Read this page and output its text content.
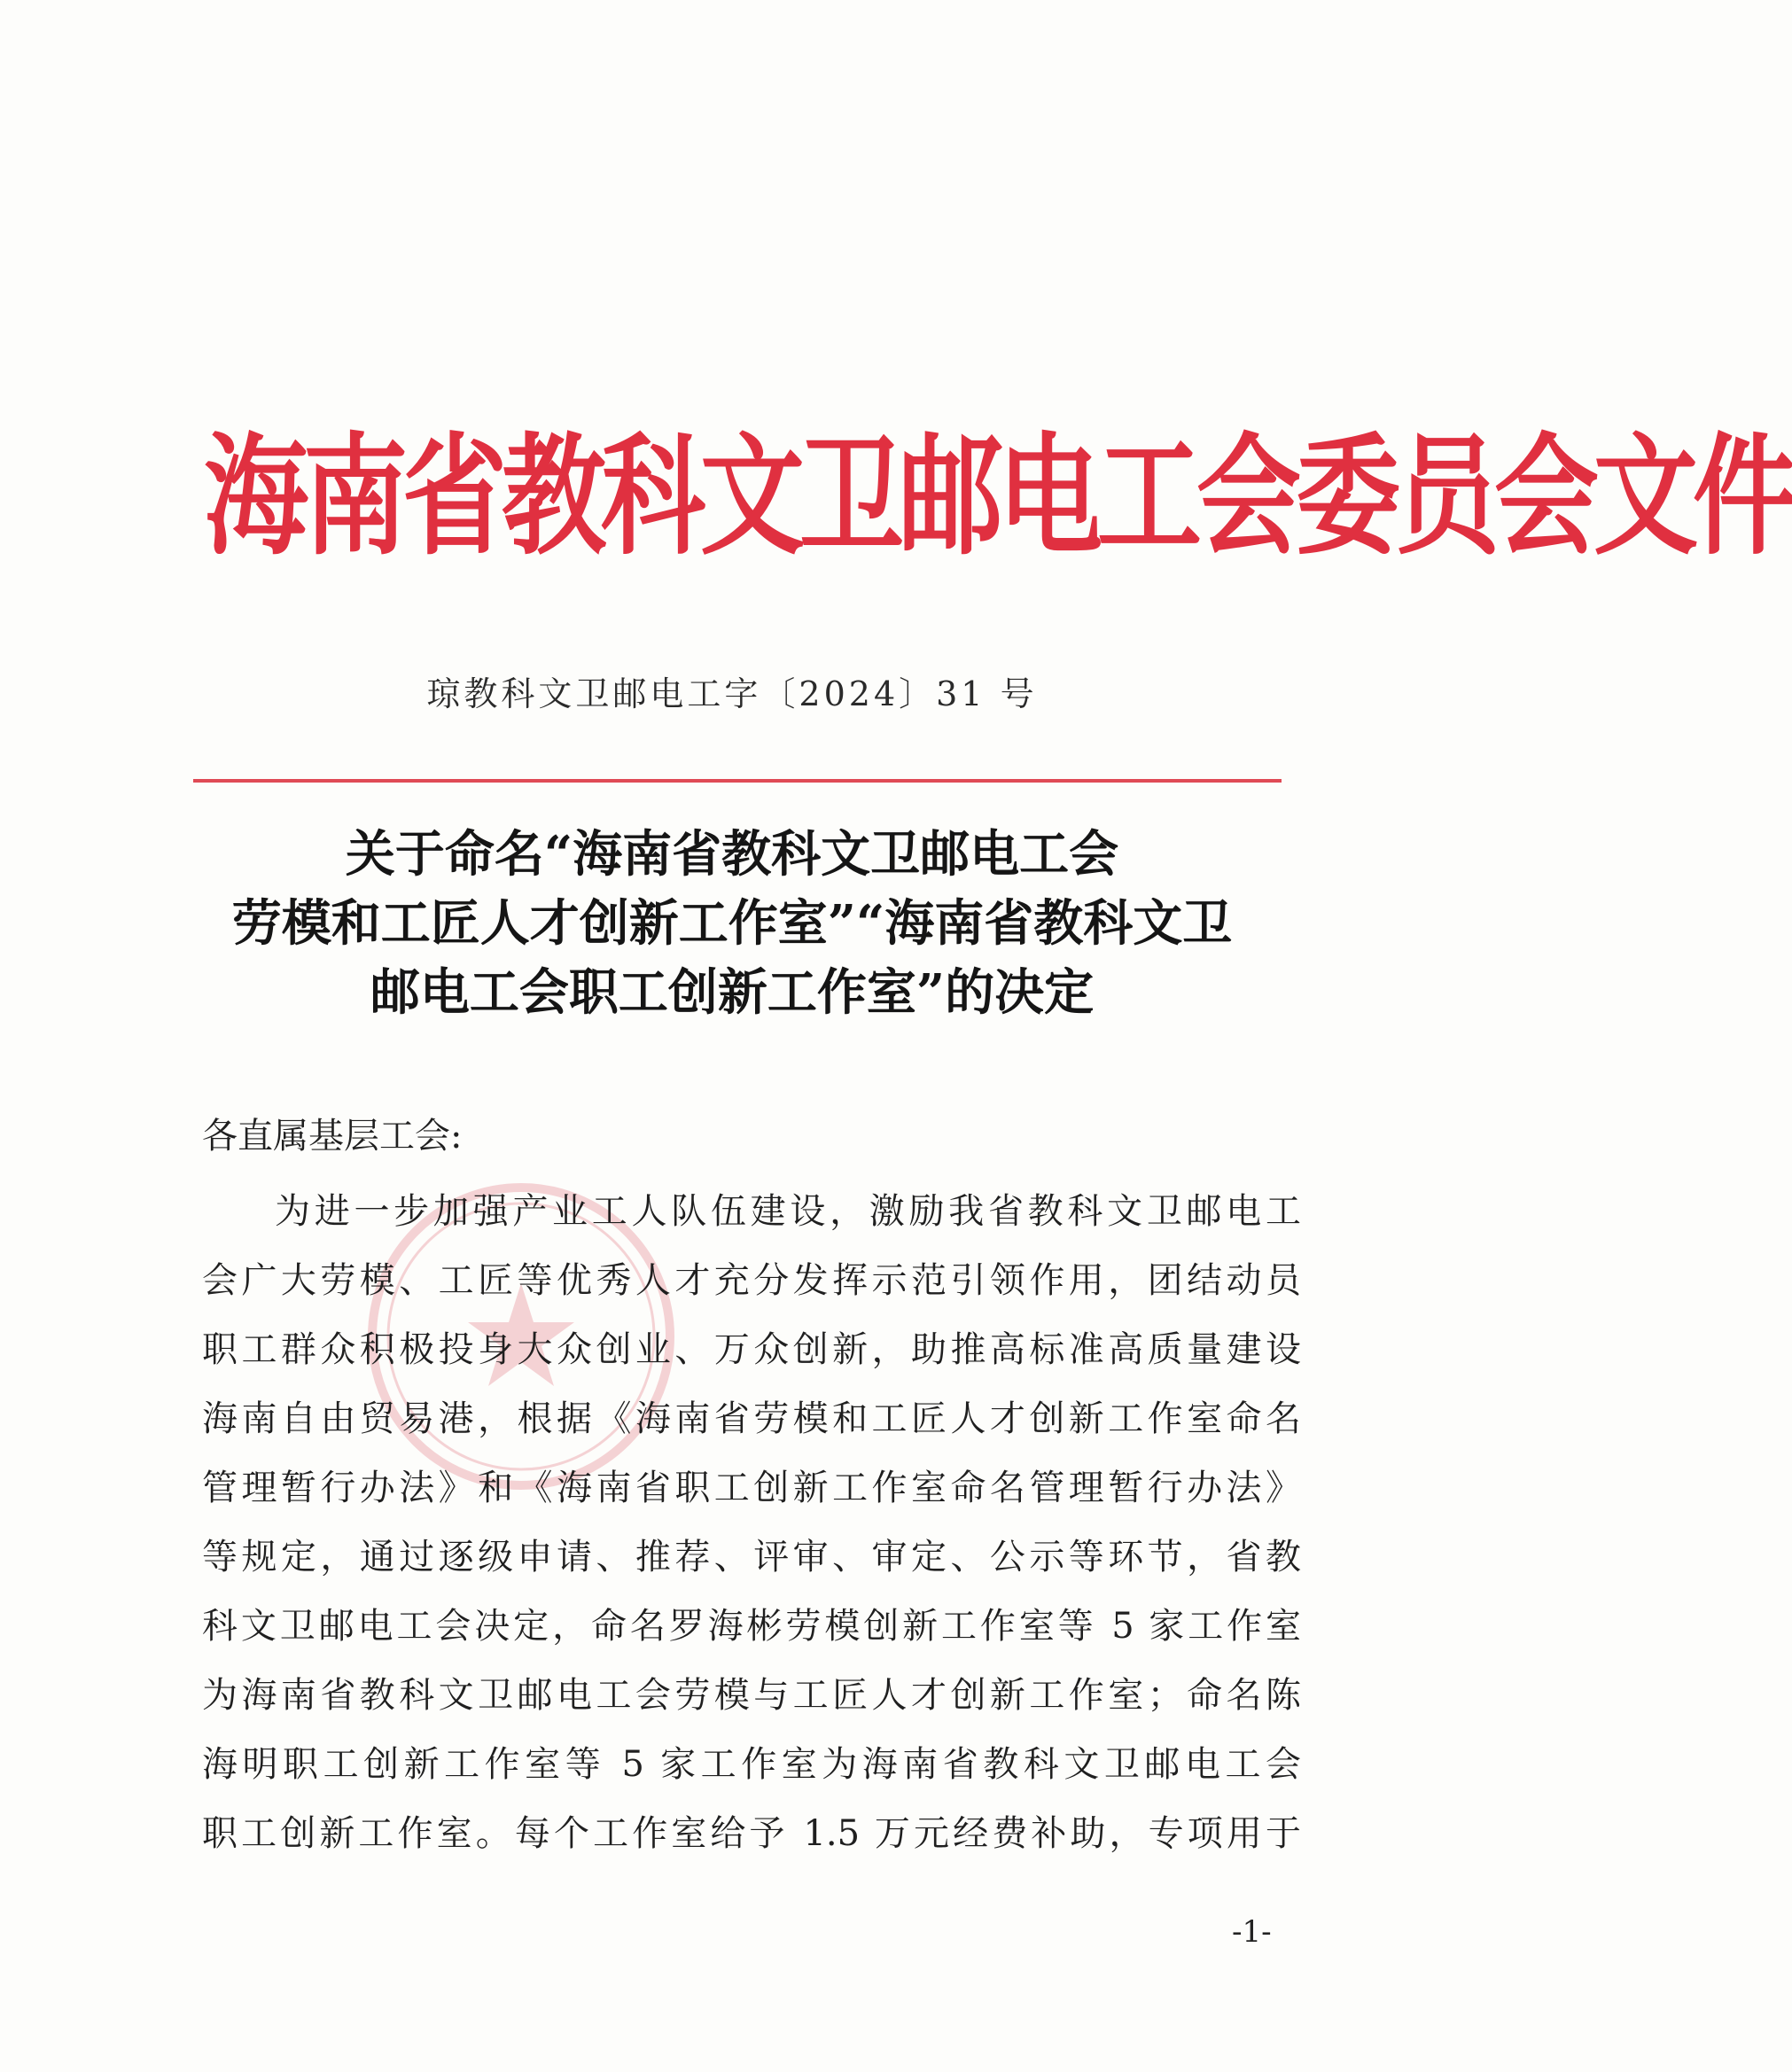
海南省教科文卫邮电工会委员会文件
琼教科文卫邮电工字〔2024〕31 号
关于命名“海南省教科文卫邮电工会
劳模和工匠人才创新工作室”“海南省教科文卫
邮电工会职工创新工作室”的决定
各直属基层工会:
为进一步加强产业工人队伍建设，激励我省教科文卫邮电工
会广大劳模、工匠等优秀人才充分发挥示范引领作用，团结动员
职工群众积极投身大众创业、万众创新，助推高标准高质量建设
海南自由贸易港，根据《海南省劳模和工匠人才创新工作室命名
管理暂行办法》和《海南省职工创新工作室命名管理暂行办法》
等规定，通过逐级申请、推荐、评审、审定、公示等环节，省教
科文卫邮电工会决定，命名罗海彬劳模创新工作室等 5 家工作室
为海南省教科文卫邮电工会劳模与工匠人才创新工作室；命名陈
海明职工创新工作室等 5 家工作室为海南省教科文卫邮电工会
职工创新工作室。每个工作室给予 1.5 万元经费补助，专项用于
-1-
